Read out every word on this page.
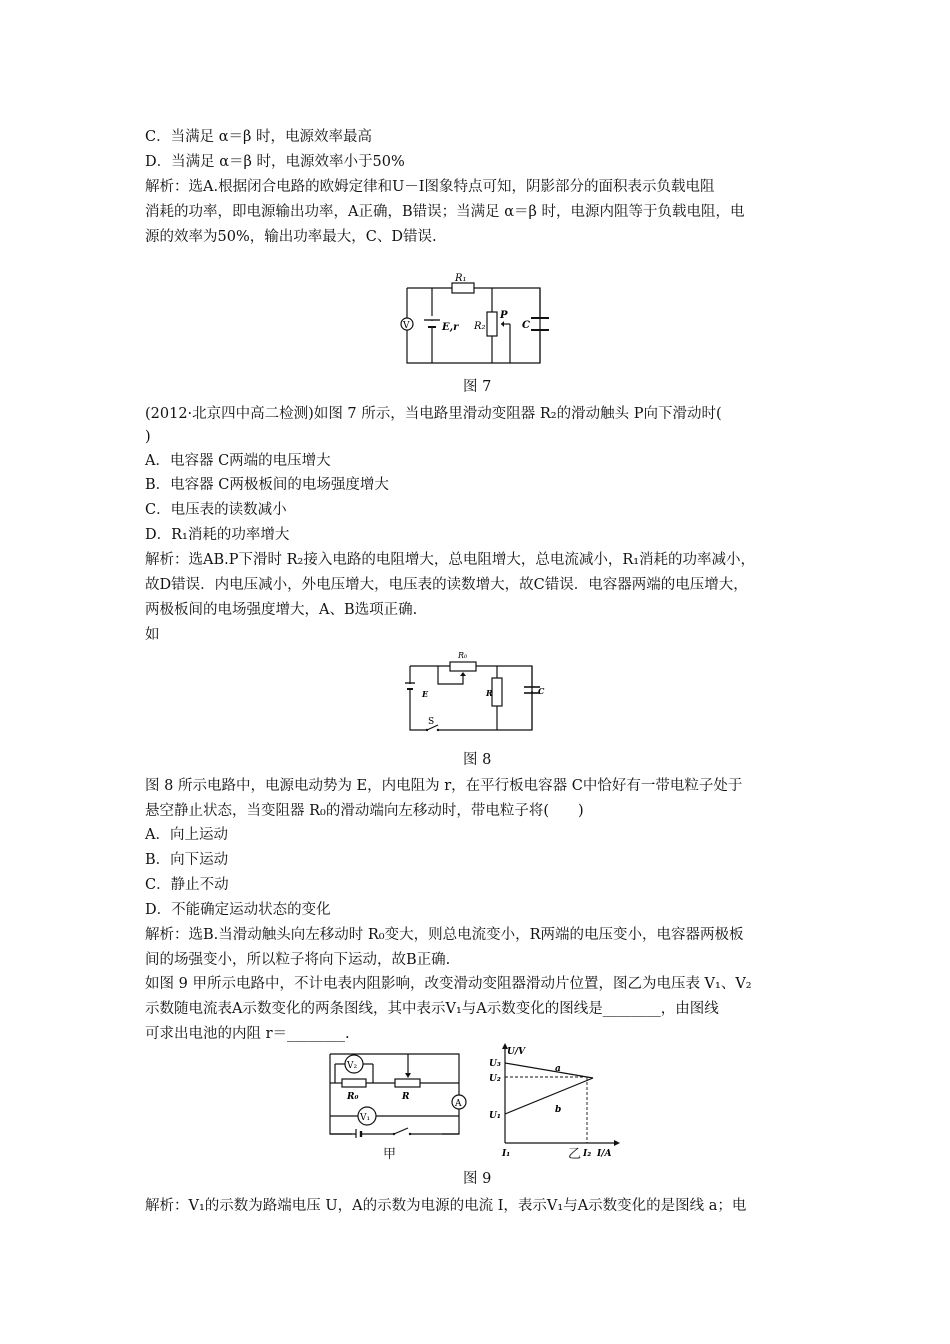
C．当满足 α＝β 时，电源效率最高
D．当满足 α＝β 时，电源效率小于50%
解析：选A.根据闭合电路的欧姆定律和U－I图象特点可知，阴影部分的面积表示负载电阻
消耗的功率，即电源输出功率，A正确，B错误；当满足 α＝β 时，电源内阻等于负载电阻，电
源的效率为50%，输出功率最大，C、D错误.
V
R₁
E,r R₂
P
C
图 7
(2012·北京四中高二检测)如图 7 所示，当电路里滑动变阻器 R₂的滑动触头 P向下滑动时(
)
A．电容器 C两端的电压增大
B．电容器 C两极板间的电场强度增大
C．电压表的读数减小
D．R₁消耗的功率增大
解析：选AB.P下滑时 R₂接入电路的电阻增大，总电阻增大，总电流减小，R₁消耗的功率减小，
故D错误．内电压减小，外电压增大，电压表的读数增大，故C错误．电容器两端的电压增大，
两极板间的电场强度增大，A、B选项正确.
如
R₀
E	R	C
S
图 8
图 8 所示电路中，电源电动势为 E，内电阻为 r，在平行板电容器 C中恰好有一带电粒子处于
悬空静止状态，当变阻器 R₀的滑动端向左移动时，带电粒子将(　　)
A．向上运动
B．向下运动
C．静止不动
D．不能确定运动状态的变化
解析：选B.当滑动触头向左移动时 R₀变大，则总电流变小，R两端的电压变小，电容器两极板
间的场强变小，所以粒子将向下运动，故B正确.
如图 9 甲所示电路中，不计电表内阻影响，改变滑动变阻器滑动片位置，图乙为电压表 V₁、V₂
示数随电流表A示数变化的两条图线，其中表示V₁与A示数变化的图线是________，由图线
可求出电池的内阻 r＝________.
V₂
R₀	R
A
V₁
甲
U/V
I/A
U₃
U₂
U₁
I₁	I₂
a
b
乙
图 9
解析：V₁的示数为路端电压 U，A的示数为电源的电流 I，表示V₁与A示数变化的是图线 a；电
